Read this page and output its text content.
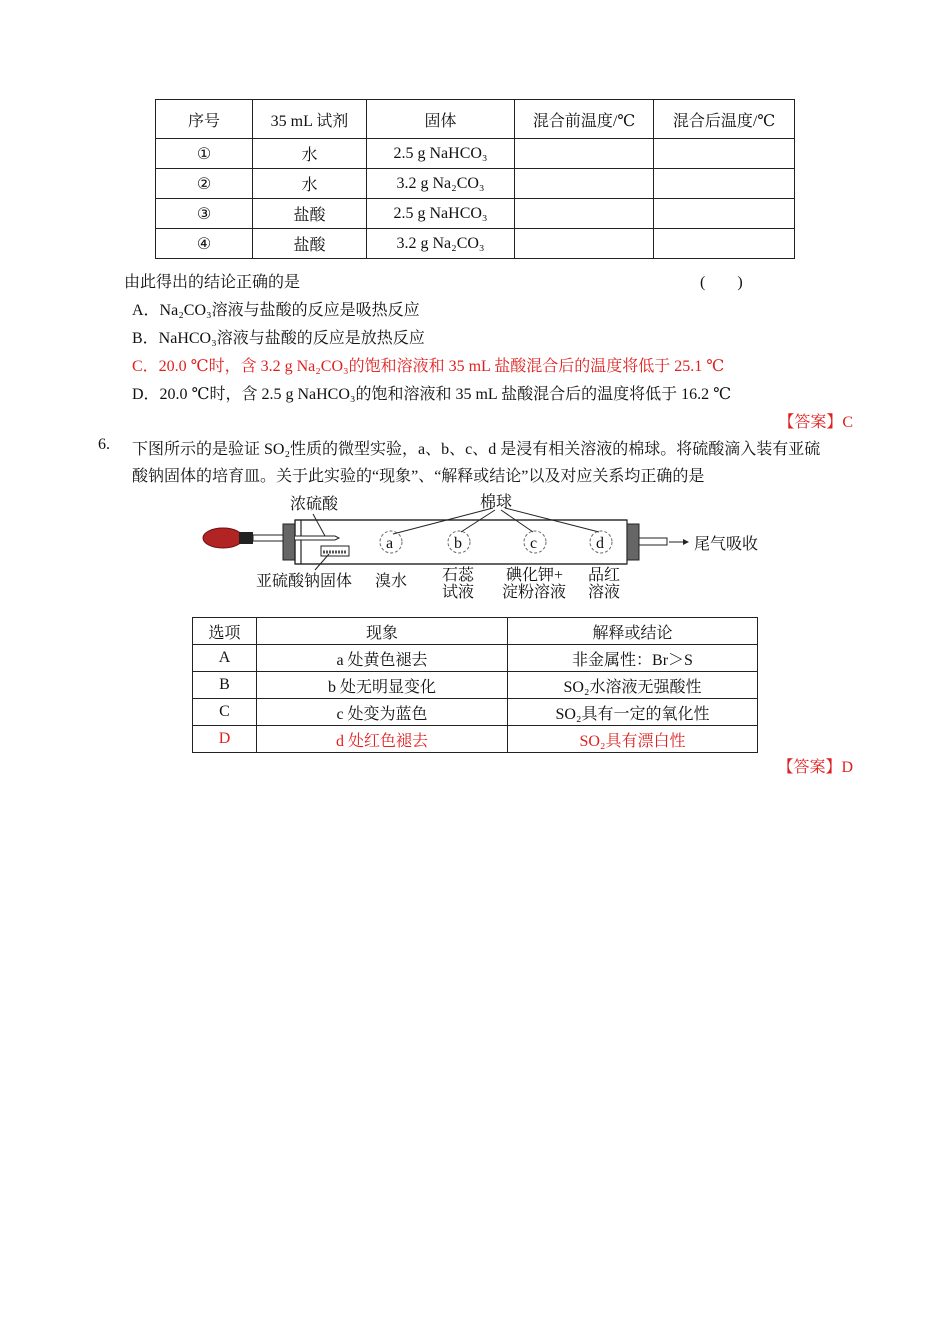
序号	35 mL 试剂	固体	混合前温度/℃	混合后温度/℃
①	水	2.5 g NaHCO₃		
②	水	3.2 g Na₂CO₃		
③	盐酸	2.5 g NaHCO₃		
④	盐酸	3.2 g Na₂CO₃		
由此得出的结论正确的是	(　　)
A．Na₂CO₃溶液与盐酸的反应是吸热反应
B．NaHCO₃溶液与盐酸的反应是放热反应
C．20.0 ℃时，含 3.2 g Na₂CO₃的饱和溶液和 35 mL 盐酸混合后的温度将低于 25.1 ℃
D．20.0 ℃时，含 2.5 g NaHCO₃的饱和溶液和 35 mL 盐酸混合后的温度将低于 16.2 ℃
【答案】C
6. 下图所示的是验证 SO₂性质的微型实验，a、b、c、d 是浸有相关溶液的棉球。将硫酸滴入装有亚硫
酸钠固体的培育皿。关于此实验的“现象”、“解释或结论”以及对应关系均正确的是
浓硫酸	棉球
尾气吸收
亚硫酸钠固体
a	b	c	d
溴水 石蕊
试液
碘化钾+
淀粉溶液
品红
溶液
选项	现象	解释或结论
A	a 处黄色褪去	非金属性：Br＞S
B	b 处无明显变化	SO₂水溶液无强酸性
C	c 处变为蓝色	SO₂具有一定的氧化性
D	d 处红色褪去	SO₂具有漂白性
【答案】D
